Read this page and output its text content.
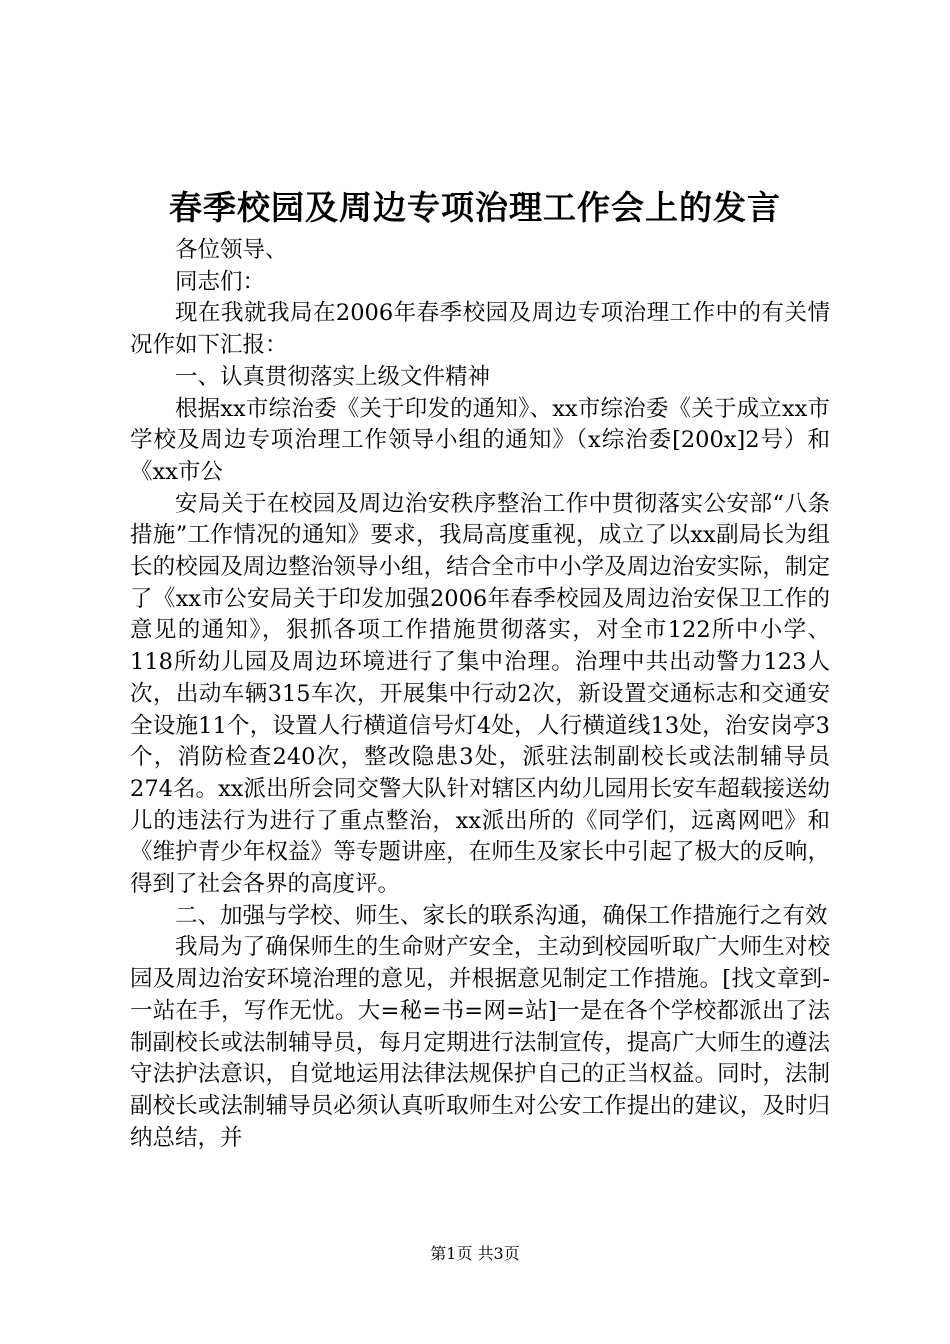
春季校园及周边专项治理工作会上的发言

各位领导、

同志们：

现在我就我局在2006年春季校园及周边专项治理工作中的有关情况作如下汇报：

一、认真贯彻落实上级文件精神

根据xx市综治委《关于印发的通知》、xx市综治委《关于成立xx市学校及周边专项治理工作领导小组的通知》（x综治委[200x]2号）和《xx市公

安局关于在校园及周边治安秩序整治工作中贯彻落实公安部“八条措施”工作情况的通知》要求，我局高度重视，成立了以xx副局长为组长的校园及周边整治领导小组，结合全市中小学及周边治安实际，制定了《xx市公安局关于印发加强2006年春季校园及周边治安保卫工作的意见的通知》，狠抓各项工作措施贯彻落实，对全市122所中小学、118所幼儿园及周边环境进行了集中治理。治理中共出动警力123人次，出动车辆315车次，开展集中行动2次，新设置交通标志和交通安全设施11个，设置人行横道信号灯4处，人行横道线13处，治安岗亭3个，消防检查240次，整改隐患3处，派驻法制副校长或法制辅导员274名。xx派出所会同交警大队针对辖区内幼儿园用长安车超载接送幼儿的违法行为进行了重点整治，xx派出所的《同学们，远离网吧》和《维护青少年权益》等专题讲座，在师生及家长中引起了极大的反响，得到了社会各界的高度评。

二、加强与学校、师生、家长的联系沟通，确保工作措施行之有效

我局为了确保师生的生命财产安全，主动到校园听取广大师生对校园及周边治安环境治理的意见，并根据意见制定工作措施。[找文章到-一站在手，写作无忧。大=秘=书=网=站]一是在各个学校都派出了法制副校长或法制辅导员，每月定期进行法制宣传，提高广大师生的遵法守法护法意识，自觉地运用法律法规保护自己的正当权益。同时，法制副校长或法制辅导员必须认真听取师生对公安工作提出的建议，及时归纳总结，并

第1页 共3页
